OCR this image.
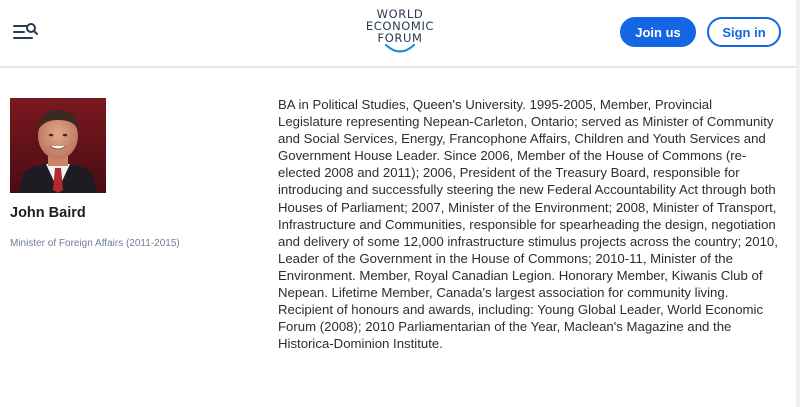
WORLD
ECONOMIC
FORUM	Join us	Sign in
John Baird
Minister of Foreign Affairs (2011-2015)

BA in Political Studies, Queen's University. 1995-2005, Member, Provincial Legislature representing Nepean-Carleton, Ontario; served as Minister of Community and Social Services, Energy, Francophone Affairs, Children and Youth Services and Government House Leader. Since 2006, Member of the House of Commons (re-elected 2008 and 2011); 2006, President of the Treasury Board, responsible for introducing and successfully steering the new Federal Accountability Act through both Houses of Parliament; 2007, Minister of the Environment; 2008, Minister of Transport, Infrastructure and Communities, responsible for spearheading the design, negotiation and delivery of some 12,000 infrastructure stimulus projects across the country; 2010, Leader of the Government in the House of Commons; 2010-11, Minister of the Environment. Member, Royal Canadian Legion. Honorary Member, Kiwanis Club of Nepean. Lifetime Member, Canada's largest association for community living. Recipient of honours and awards, including: Young Global Leader, World Economic Forum (2008); 2010 Parliamentarian of the Year, Maclean's Magazine and the Historica-Dominion Institute.
